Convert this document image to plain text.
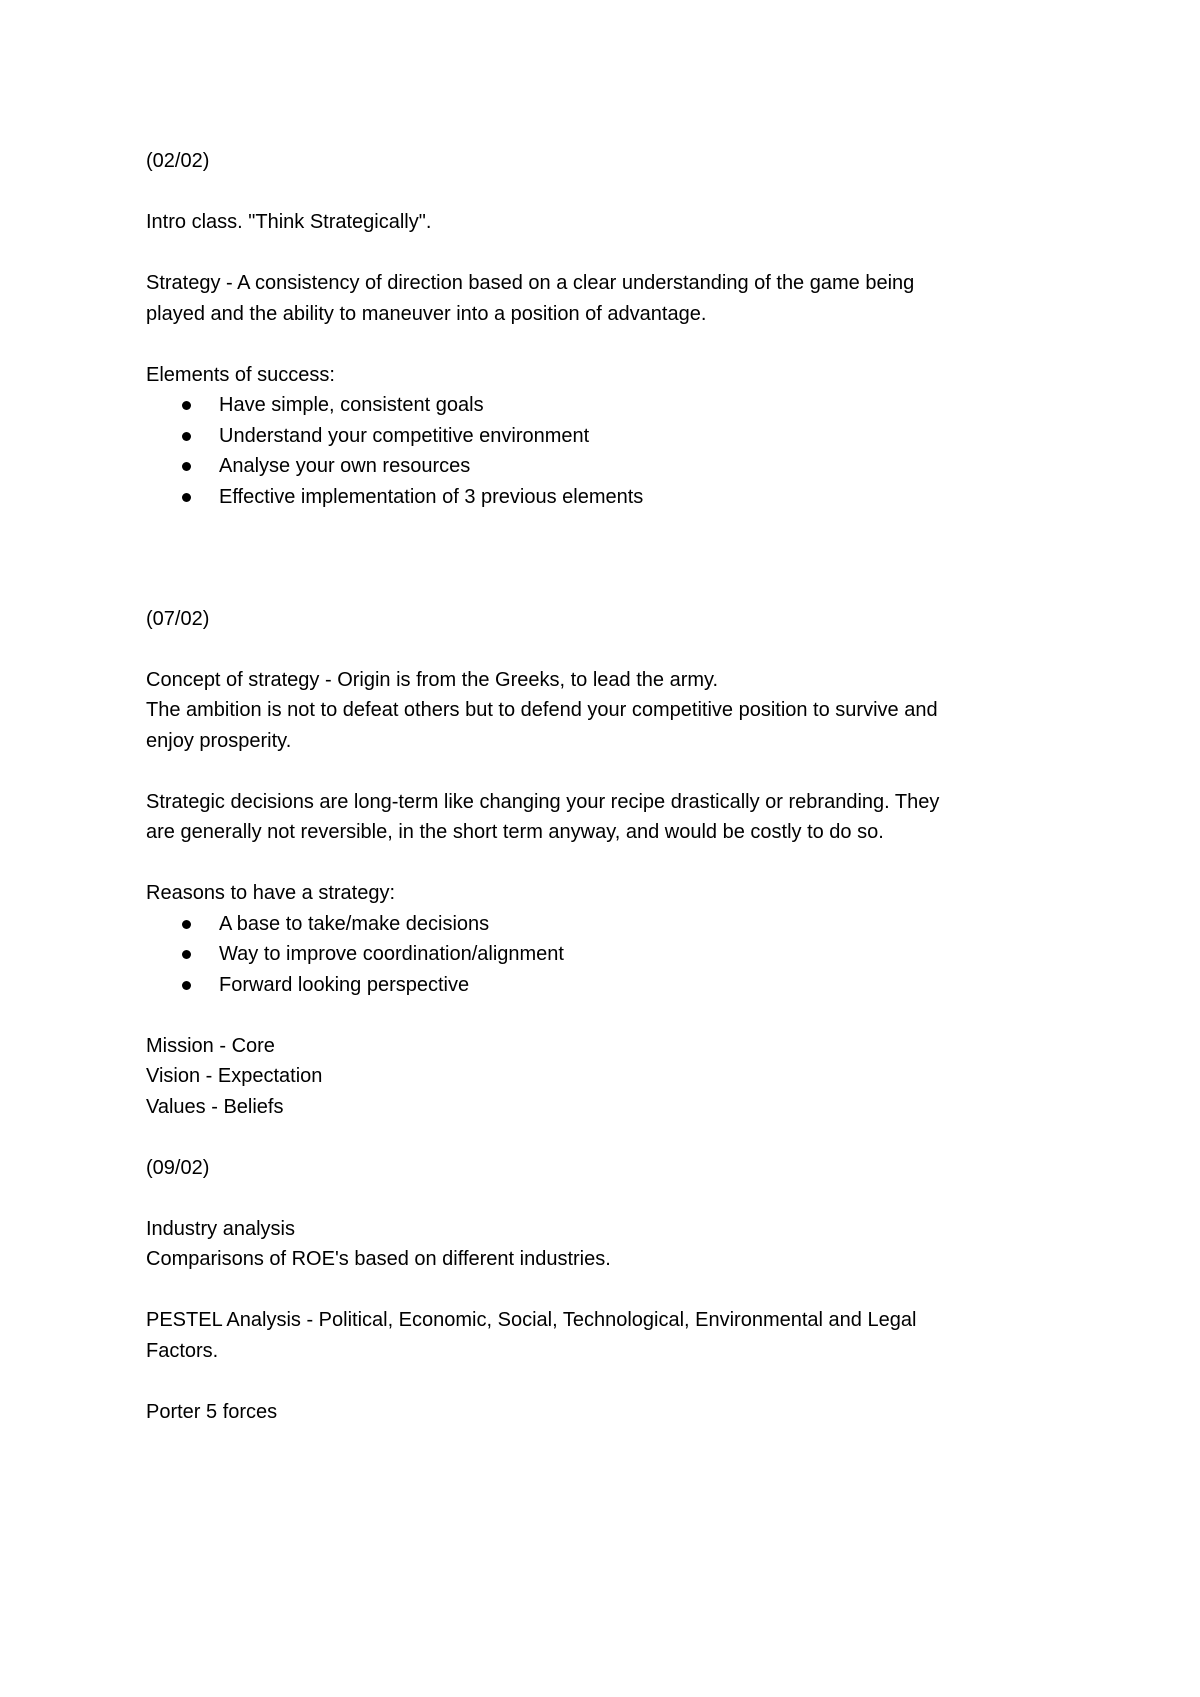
(02/02)

Intro class. "Think Strategically".

Strategy - A consistency of direction based on a clear understanding of the game being

played and the ability to maneuver into a position of advantage.

Elements of success:

Have simple, consistent goals
Understand your competitive environment
Analyse your own resources
Effective implementation of 3 previous elements

(07/02)

Concept of strategy - Origin is from the Greeks, to lead the army.

The ambition is not to defeat others but to defend your competitive position to survive and

enjoy prosperity.

Strategic decisions are long-term like changing your recipe drastically or rebranding. They

are generally not reversible, in the short term anyway, and would be costly to do so.

Reasons to have a strategy:

A base to take/make decisions
Way to improve coordination/alignment
Forward looking perspective

Mission - Core

Vision - Expectation

Values - Beliefs

(09/02)

Industry analysis

Comparisons of ROE's based on different industries.

PESTEL Analysis - Political, Economic, Social, Technological, Environmental and Legal

Factors.

Porter 5 forces
